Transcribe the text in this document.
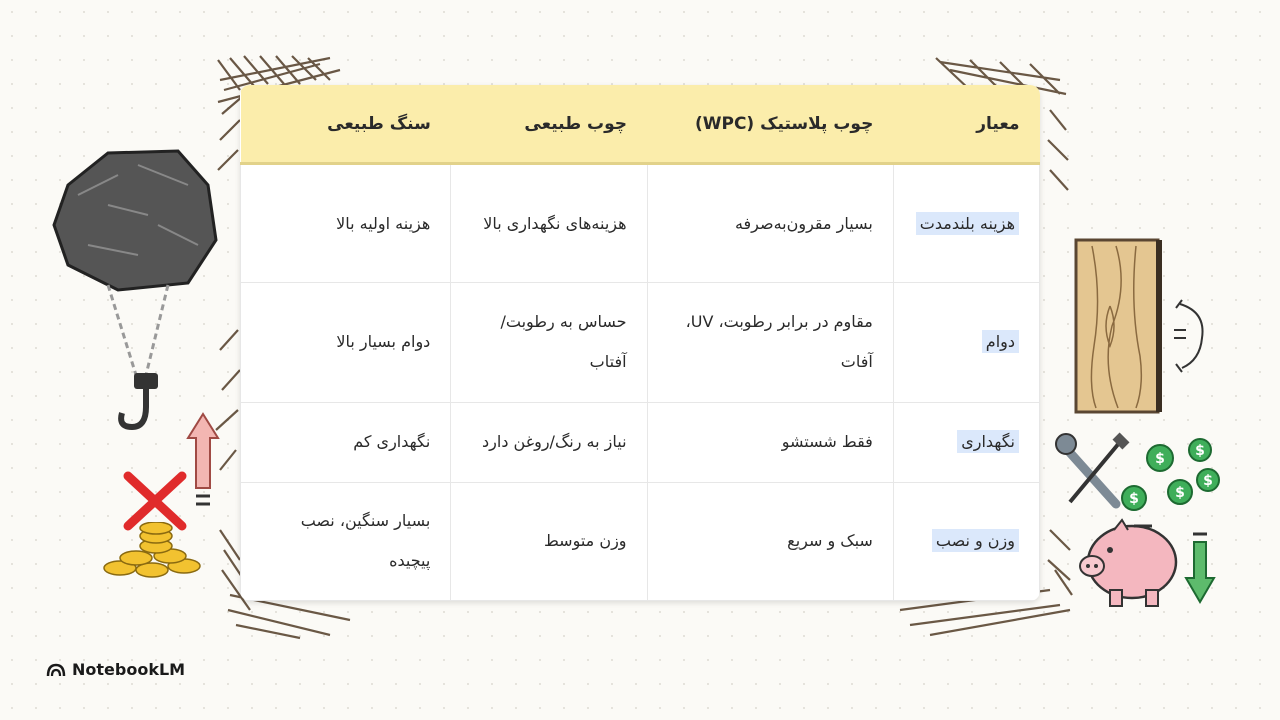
معیار	چوب پلاستیک (WPC)	چوب طبیعی	سنگ طبیعی
هزینه بلندمدت	بسیار مقرون‌به‌صرفه	هزینه‌های نگهداری بالا	هزینه اولیه بالا
دوام	مقاوم در برابر رطوبت، UV، آفات	حساس به رطوبت/آفتاب	دوام بسیار بالا
نگهداری	فقط شستشو	نیاز به رنگ/روغن دارد	نگهداری کم
وزن و نصب	سبک و سریع	وزن متوسط	بسیار سنگین، نصب پیچیده
$ $
$
$	$
NotebookLM
